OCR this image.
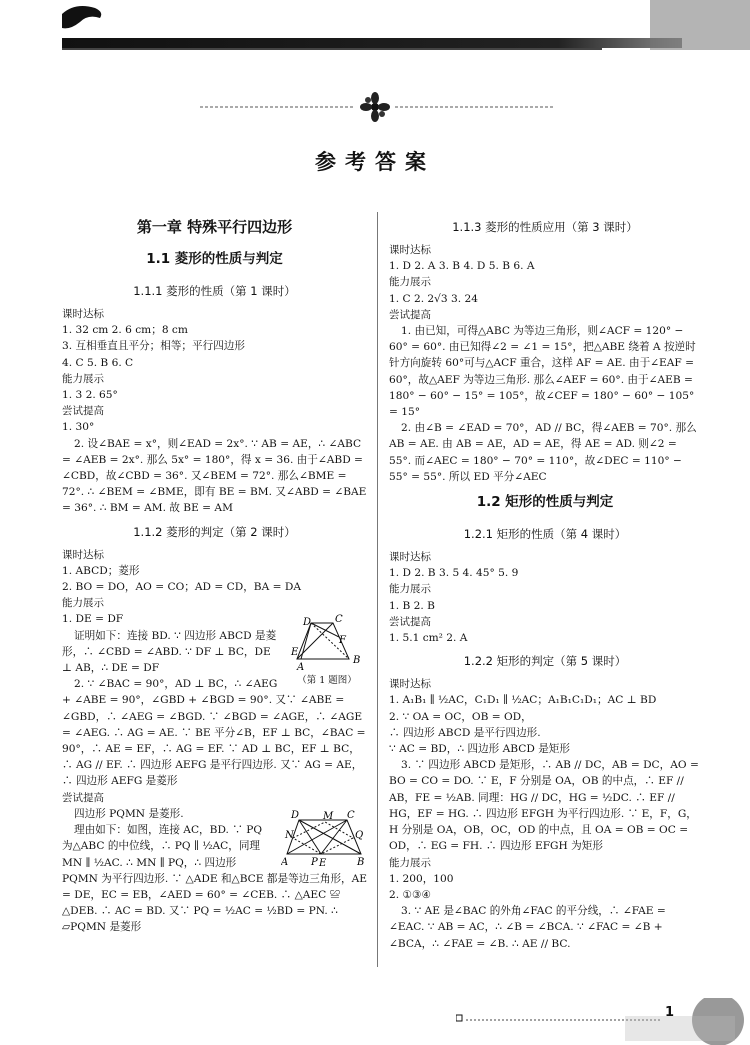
参考答案

第一章 特殊平行四边形

1.1 菱形的性质与判定

1.1.1 菱形的性质（第 1 课时）

课时达标

1. 32 cm 2. 6 cm；8 cm

3. 互相垂直且平分；相等；平行四边形

4. C 5. B 6. C

能力展示

1. 3 2. 65°

尝试提高

1. 30°

2. 设∠BAE = x°，则∠EAD = 2x°. ∵ AB = AE，∴ ∠ABC = ∠AEB = 2x°. 那么 5x° = 180°，得 x = 36. 由于∠ABD = ∠CBD，故∠CBD = 36°. 又∠BEM = 72°. 那么∠BME = 72°. ∴ ∠BEM = ∠BME，即有 BE = BM. 又∠ABD = ∠BAE = 36°. ∴ BM = AM. 故 BE = AM

1.1.2 菱形的判定（第 2 课时）

课时达标

1. ABCD；菱形

2. BO = DO，AO = CO；AD = CD，BA = DA

能力展示

A
B
C
D
E
F
（第 1 题图）

1. DE = DF

证明如下：连接 BD. ∵ 四边形 ABCD 是菱形，∴ ∠CBD = ∠ABD. ∵ DF ⊥ BC，DE ⊥ AB，∴ DE = DF

2. ∵ ∠BAC = 90°，AD ⊥ BC，∴ ∠AEG + ∠ABE = 90°，∠GBD + ∠BGD = 90°. 又∵ ∠ABE = ∠GBD，∴ ∠AEG = ∠BGD. ∵ ∠BGD = ∠AGE，∴ ∠AGE = ∠AEG. ∴ AG = AE. ∵ BE 平分∠B，EF ⊥ BC，∠BAC = 90°，∴ AE = EF，∴ AG = EF. ∵ AD ⊥ BC，EF ⊥ BC，∴ AG // EF. ∴ 四边形 AEFG 是平行四边形. 又∵ AG = AE，∴ 四边形 AEFG 是菱形

尝试提高

A	B
C
D
E
M
N
P
Q

四边形 PQMN 是菱形.

理由如下：如图，连接 AC，BD. ∵ PQ 为△ABC 的中位线，∴ PQ ∥ ½AC，同理 MN ∥ ½AC. ∴ MN ∥ PQ，∴ 四边形 PQMN 为平行四边形. ∵ △ADE 和△BCE 都是等边三角形，AE = DE，EC = EB，∠AED = 60° = ∠CEB. ∴ △AEC ≌ △DEB. ∴ AC = BD. 又∵ PQ = ½AC = ½BD = PN. ∴ ▱PQMN 是菱形

1.1.3 菱形的性质应用（第 3 课时）

课时达标

1. D 2. A 3. B 4. D 5. B 6. A

能力展示

1. C 2. 2√3 3. 24

尝试提高

1. 由已知，可得△ABC 为等边三角形，则∠ACF = 120° − 60° = 60°. 由已知得∠2 = ∠1 = 15°，把△ABE 绕着 A 按逆时针方向旋转 60°可与△ACF 重合，这样 AF = AE. 由于∠EAF = 60°，故△AEF 为等边三角形. 那么∠AEF = 60°. 由于∠AEB = 180° − 60° − 15° = 105°，故∠CEF = 180° − 60° − 105° = 15°

2. 由∠B = ∠EAD = 70°，AD // BC，得∠AEB = 70°. 那么 AB = AE. 由 AB = AE，AD = AE，得 AE = AD. 则∠2 = 55°. 而∠AEC = 180° − 70° = 110°，故∠DEC = 110° − 55° = 55°. 所以 ED 平分∠AEC

1.2 矩形的性质与判定

1.2.1 矩形的性质（第 4 课时）

课时达标

1. D 2. B 3. 5 4. 45° 5. 9

能力展示

1. B 2. B

尝试提高

1. 5.1 cm² 2. A

1.2.2 矩形的判定（第 5 课时）

课时达标

1. A₁B₁ ∥ ½AC，C₁D₁ ∥ ½AC；A₁B₁C₁D₁；AC ⊥ BD

2. ∵ OA = OC，OB = OD，

∴ 四边形 ABCD 是平行四边形.

∵ AC = BD，∴ 四边形 ABCD 是矩形

3. ∵ 四边形 ABCD 是矩形，∴ AB // DC，AB = DC，AO = BO = CO = DO. ∵ E，F 分别是 OA，OB 的中点，∴ EF // AB，FE = ½AB. 同理：HG // DC，HG = ½DC. ∴ EF // HG，EF = HG. ∴ 四边形 EFGH 为平行四边形. ∵ E，F，G，H 分别是 OA，OB，OC，OD 的中点，且 OA = OB = OC = OD，∴ EG = FH. ∴ 四边形 EFGH 为矩形

能力展示

1. 200，100

2. ①③④

3. ∵ AE 是∠BAC 的外角∠FAC 的平分线，∴ ∠FAE = ∠EAC. ∵ AB = AC，∴ ∠B = ∠BCA. ∵ ∠FAC = ∠B + ∠BCA，∴ ∠FAE = ∠B. ∴ AE // BC.

1
